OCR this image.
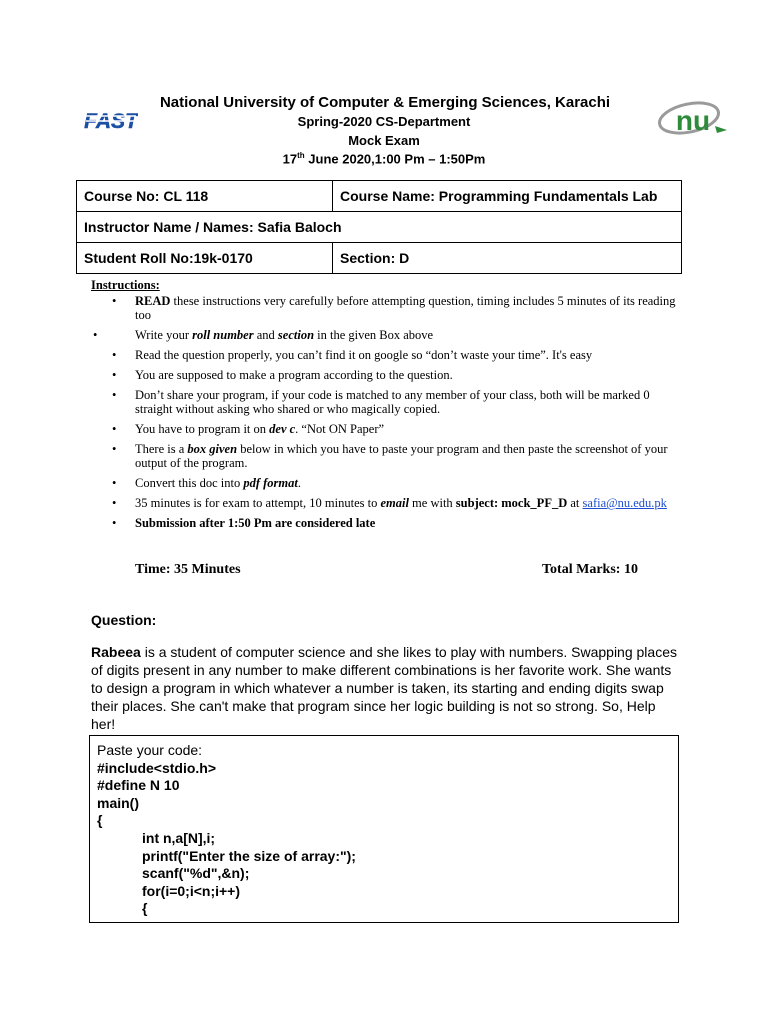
FAST	nu
National University of Computer & Emerging Sciences, Karachi
Spring-2020 CS-Department
Mock Exam
17th June 2020,1:00 Pm – 1:50Pm
Course No: CL 118	Course Name: Programming Fundamentals Lab
Instructor Name / Names: Safia Baloch	
Student Roll No:19k-0170	Section: D
Instructions:
• READ these instructions very carefully before attempting question, timing includes 5 minutes of its reading too
•	Write your roll number and section in the given Box above
• Read the question properly, you can’t find it on google so “don’t waste your time”. It's easy
• You are supposed to make a program according to the question.
• Don’t share your program, if your code is matched to any member of your class, both will be marked 0 straight without asking who shared or who magically copied.
• You have to program it on dev c. “Not ON Paper”
• There is a box given below in which you have to paste your program and then paste the screenshot of your output of the program.
• Convert this doc into pdf format.
• 35 minutes is for exam to attempt, 10 minutes to email me with subject: mock_PF_D at safia@nu.edu.pk
• Submission after 1:50 Pm are considered late
Time: 35 Minutes	Total Marks: 10
Question:
Rabeea is a student of computer science and she likes to play with numbers. Swapping places of digits present in any number to make different combinations is her favorite work. She wants to design a program in which whatever a number is taken, its starting and ending digits swap their places. She can't make that program since her logic building is not so strong. So, Help her!
Paste your code:
#include<stdio.h>
#define N 10
main()
{
int n,a[N],i;
printf("Enter the size of array:");
scanf("%d",&n);
for(i=0;i<n;i++)
{
